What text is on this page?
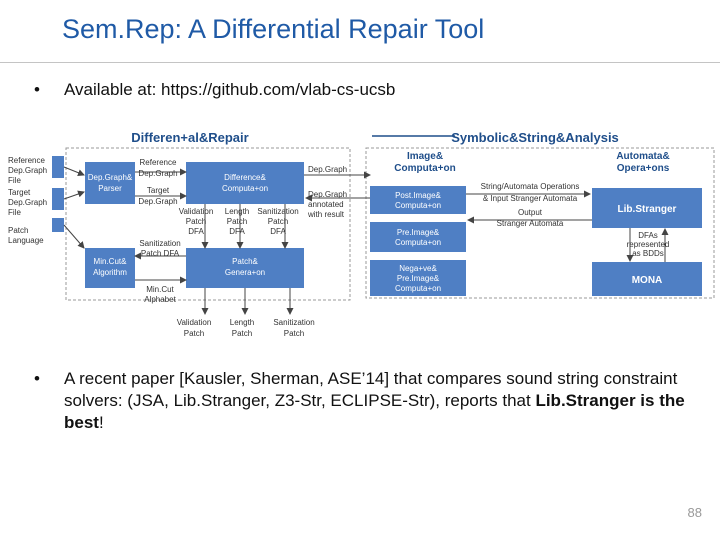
Sem.Rep: A Differential Repair Tool
•	Available at: https://github.com/vlab-cs-ucsb
Differen+al&Repair	Symbolic&String&Analysis
Image&
Computa+on
Automata&
Opera+ons
Reference
Dep.Graph
File
Target
Dep.Graph
File
Patch
Language
Dep.Graph&
Parser
Difference&
Computa+on
Min.Cut&
Algorithm
Patch&
Genera+on
Reference
Dep.Graph
Target
Dep.Graph
Dep.Graph
Dep.Graph
annotated
with result
Validation
Patch
DFA
Length
Patch
DFA
Sanitization
Patch
DFA
Sanitization
Patch DFA
Min.Cut
Alphabet
Validation
Patch
Length
Patch
Sanitization
Patch
Post.Image&
Computa+on
Pre.Image&
Computa+on
Nega+ve&
Pre.Image&
Computa+on
Lib.Stranger
MONA
String/Automata Operations
& Input Stranger Automata
Output
Stranger Automata
DFAs
represented
as BDDs
•	A recent paper [Kausler, Sherman, ASE’14] that compares sound string constraint solvers: (JSA, Lib.Stranger, Z3-Str, ECLIPSE-Str), reports that Lib.Stranger is the best!
88
